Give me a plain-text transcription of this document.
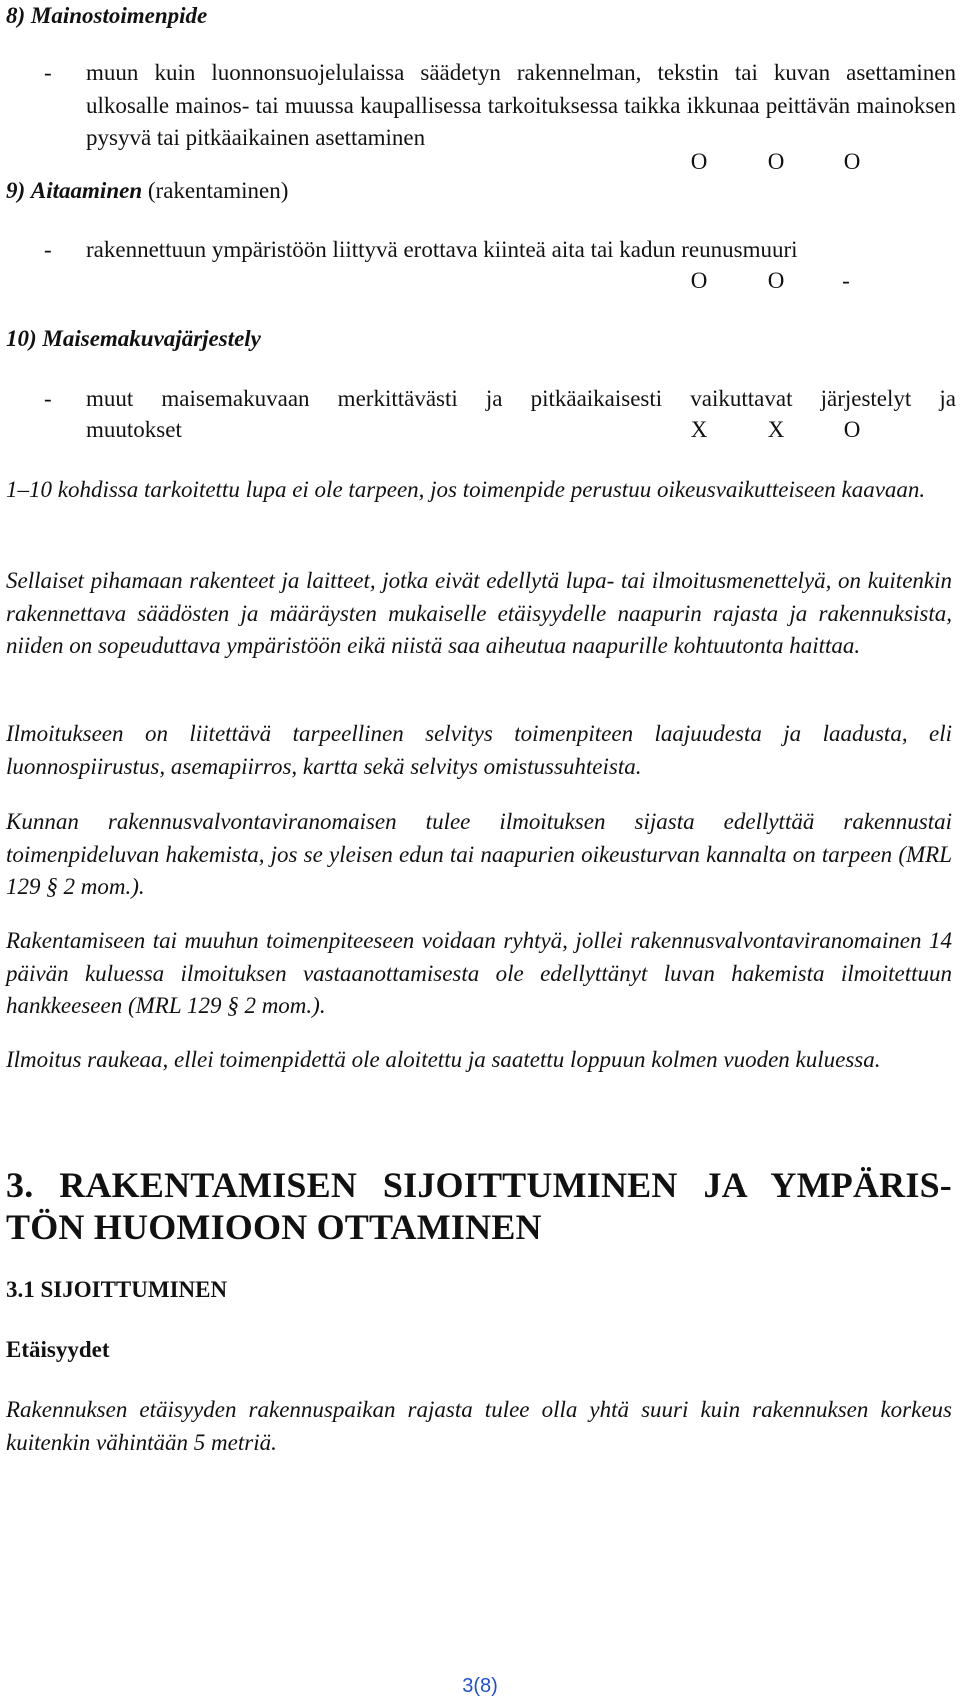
8) Mainostoimenpide
- muun kuin luonnonsuojelulaissa säädetyn rakennelman, tekstin tai kuvan asettaminen ulkosalle mainos- tai muussa kaupallisessa tarkoituksessa taikka ikkunaa peittävän mainoksen pysyvä tai pitkäaikainen asettaminen
O	O	O
9) Aitaaminen (rakentaminen)
- rakennettuun ympäristöön liittyvä erottava kiinteä aita tai kadun reunusmuuri
O	O	-
10) Maisemakuvajärjestely
- muut maisemakuvaan merkittävästi ja pitkäaikaisesti vaikuttavat järjestelyt ja
muutokset	X	X	O

1–10 kohdissa tarkoitettu lupa ei ole tarpeen, jos toimenpide perustuu oikeusvaikutteiseen kaavaan.

Sellaiset pihamaan rakenteet ja laitteet, jotka eivät edellytä lupa- tai ilmoitusmenettelyä, on kuitenkin rakennettava säädösten ja määräysten mukaiselle etäisyydelle naapurin rajasta ja rakennuksista, niiden on sopeuduttava ympäristöön eikä niistä saa aiheutua naapurille kohtuutonta haittaa.

Ilmoitukseen on liitettävä tarpeellinen selvitys toimenpiteen laajuudesta ja laadusta, eli luonnospiirustus, asemapiirros, kartta sekä selvitys omistussuhteista.

Kunnan rakennusvalvontaviranomaisen tulee ilmoituksen sijasta edellyttää rakennustai toimenpideluvan hakemista, jos se yleisen edun tai naapurien oikeusturvan kannalta on tarpeen (MRL 129 § 2 mom.).

Rakentamiseen tai muuhun toimenpiteeseen voidaan ryhtyä, jollei rakennusvalvontaviranomainen 14 päivän kuluessa ilmoituksen vastaanottamisesta ole edellyttänyt luvan hakemista ilmoitettuun hankkeeseen (MRL 129 § 2 mom.).

Ilmoitus raukeaa, ellei toimenpidettä ole aloitettu ja saatettu loppuun kolmen vuoden kuluessa.

3. RAKENTAMISEN SIJOITTUMINEN JA YMPÄRIS-
TÖN HUOMIOON OTTAMINEN
3.1 SIJOITTUMINEN
Etäisyydet

Rakennuksen etäisyyden rakennuspaikan rajasta tulee olla yhtä suuri kuin rakennuksen korkeus kuitenkin vähintään 5 metriä.

3(8)
